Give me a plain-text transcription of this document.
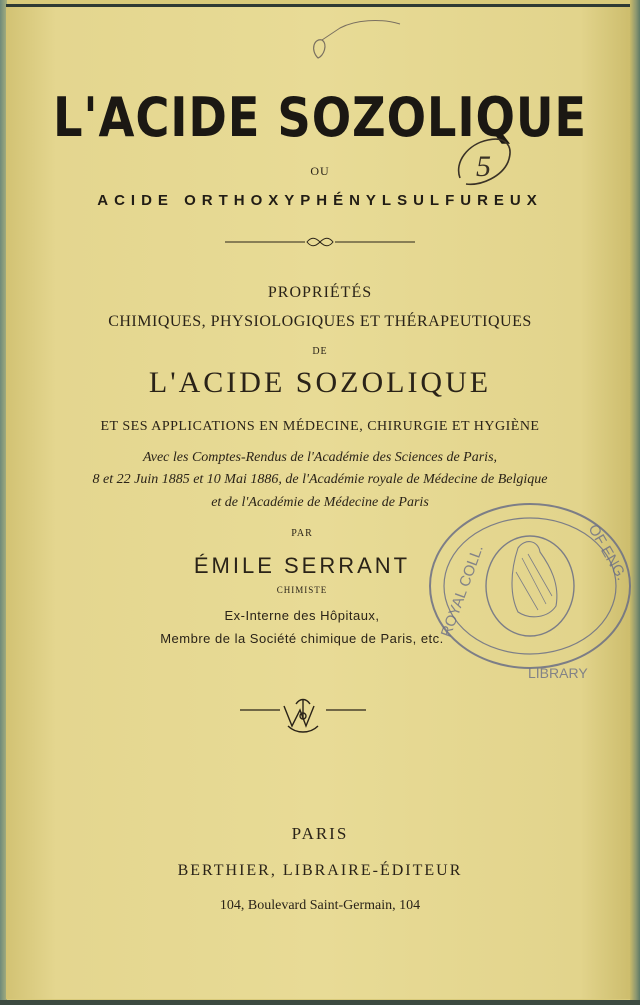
L'ACIDE SOZOLIQUE
5
OU
ACIDE ORTHOXYPHÉNYLSULFUREUX
PROPRIÉTÉS
CHIMIQUES, PHYSIOLOGIQUES ET THÉRAPEUTIQUES
DE
L'ACIDE SOZOLIQUE
ET SES APPLICATIONS EN MÉDECINE, CHIRURGIE ET HYGIÈNE
Avec les Comptes-Rendus de l'Académie des Sciences de Paris,
8 et 22 Juin 1885 et 10 Mai 1886, de l'Académie royale de Médecine de Belgique
et de l'Académie de Médecine de Paris
ROYAL COLL.	OF ENG.
LIBRARY
PAR
ÉMILE SERRANT
CHIMISTE
Ex-Interne des Hôpitaux,
Membre de la Société chimique de Paris, etc.
PARIS
BERTHIER, LIBRAIRE-ÉDITEUR
104, Boulevard Saint-Germain, 104
